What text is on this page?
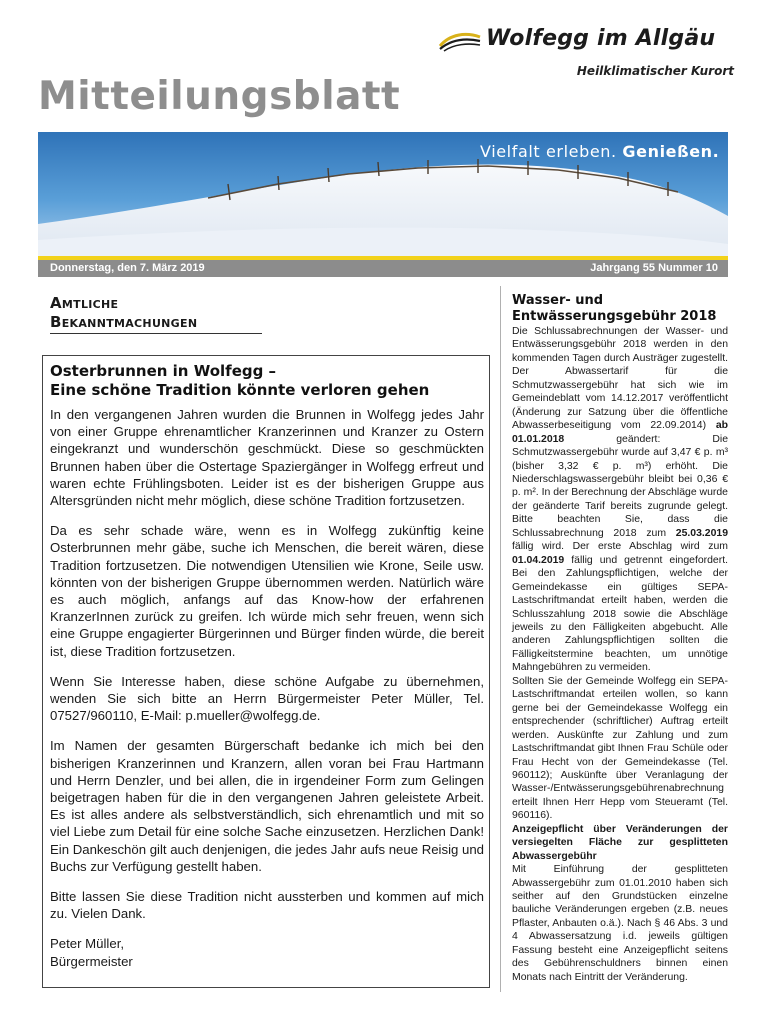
Wolfegg im Allgäu
Heilklimatischer Kurort
Mitteilungsblatt
Vielfalt erleben. Genießen.
Donnerstag, den 7. März 2019	Jahrgang 55 Nummer 10
Amtliche
Bekanntmachungen
Osterbrunnen in Wolfegg –
Eine schöne Tradition könnte verloren gehen

In den vergangenen Jahren wurden die Brunnen in Wolfegg jedes Jahr von einer Gruppe ehrenamtlicher Kranzerinnen und Kranzer zu Ostern eingekranzt und wunderschön geschmückt. Diese so geschmückten Brunnen haben über die Ostertage Spaziergänger in Wolfegg erfreut und waren echte Frühlingsboten. Leider ist es der bisherigen Gruppe aus Altersgründen nicht mehr möglich, diese schöne Tradition fortzusetzen.

Da es sehr schade wäre, wenn es in Wolfegg zukünftig keine Osterbrunnen mehr gäbe, suche ich Menschen, die bereit wären, diese Tradition fortzusetzen. Die notwendigen Utensilien wie Krone, Seile usw. könnten von der bisherigen Gruppe übernommen werden. Natürlich wäre es auch möglich, anfangs auf das Know-how der erfahrenen KranzerInnen zurück zu greifen. Ich würde mich sehr freuen, wenn sich eine Gruppe engagierter Bürgerinnen und Bürger finden würde, die bereit ist, diese Tradition fortzusetzen.

Wenn Sie Interesse haben, diese schöne Aufgabe zu übernehmen, wenden Sie sich bitte an Herrn Bürgermeister Peter Müller, Tel. 07527/960110, E-Mail: p.mueller@wolfegg.de.

Im Namen der gesamten Bürgerschaft bedanke ich mich bei den bisherigen Kranzerinnen und Kranzern, allen voran bei Frau Hartmann und Herrn Denzler, und bei allen, die in irgendeiner Form zum Gelingen beigetragen haben für die in den vergangenen Jahren geleistete Arbeit. Es ist alles andere als selbstverständlich, sich ehrenamtlich und mit so viel Liebe zum Detail für eine solche Sache einzusetzen. Herzlichen Dank! Ein Dankeschön gilt auch denjenigen, die jedes Jahr aufs neue Reisig und Buchs zur Verfügung gestellt haben.

Bitte lassen Sie diese Tradition nicht aussterben und kommen auf mich zu. Vielen Dank.

Peter Müller,
Bürgermeister

Wasser- und Entwässerungsgebühr 2018

Die Schlussabrechnungen der Wasser- und Entwässerungsgebühr 2018 werden in den kommenden Tagen durch Austräger zugestellt. Der Abwassertarif für die Schmutzwassergebühr hat sich wie im Gemeindeblatt vom 14.12.2017 veröffentlicht (Änderung zur Satzung über die öffentliche Abwasserbeseitigung vom 22.09.2014) ab 01.01.2018	geändert: Die Schmutzwassergebühr wurde auf 3,47 € p. m³ (bisher 3,32 € p. m³) erhöht. Die Niederschlagswassergebühr bleibt bei 0,36 € p. m². In der Berechnung der Abschläge wurde der geänderte Tarif bereits zugrunde gelegt. Bitte beachten Sie, dass die Schlussabrechnung 2018 zum 25.03.2019 fällig wird. Der erste Abschlag wird zum 01.04.2019 fällig und getrennt eingefordert. Bei den Zahlungspflichtigen, welche der Gemeindekasse ein gültiges SEPA-Lastschriftmandat erteilt haben, werden die Schlusszahlung 2018 sowie die Abschläge jeweils zu den Fälligkeiten abgebucht. Alle anderen Zahlungspflichtigen sollten die Fälligkeitstermine beachten, um unnötige Mahngebühren zu vermeiden.

Sollten Sie der Gemeinde Wolfegg ein SEPA-Lastschriftmandat erteilen wollen, so kann gerne bei der Gemeindekasse Wolfegg ein entsprechender (schriftlicher) Auftrag erteilt werden. Auskünfte zur Zahlung und zum Lastschriftmandat gibt Ihnen Frau Schüle oder Frau Hecht von der Gemeindekasse (Tel. 960112); Auskünfte über Veranlagung der Wasser-/Entwässerungsgebührenabrechnung erteilt Ihnen Herr Hepp vom Steueramt (Tel. 960116).

Anzeigepflicht über Veränderungen der versiegelten Fläche zur gesplitteten Abwassergebühr

Mit Einführung der gesplitteten Abwassergebühr zum 01.01.2010 haben sich seither auf den Grundstücken einzelne bauliche Veränderungen ergeben (z.B. neues Pflaster, Anbauten o.ä.). Nach § 46 Abs. 3 und 4 Abwassersatzung i.d. jeweils gültigen Fassung besteht eine Anzeigepflicht seitens des Gebührenschuldners binnen einen Monats nach Eintritt der Veränderung.
